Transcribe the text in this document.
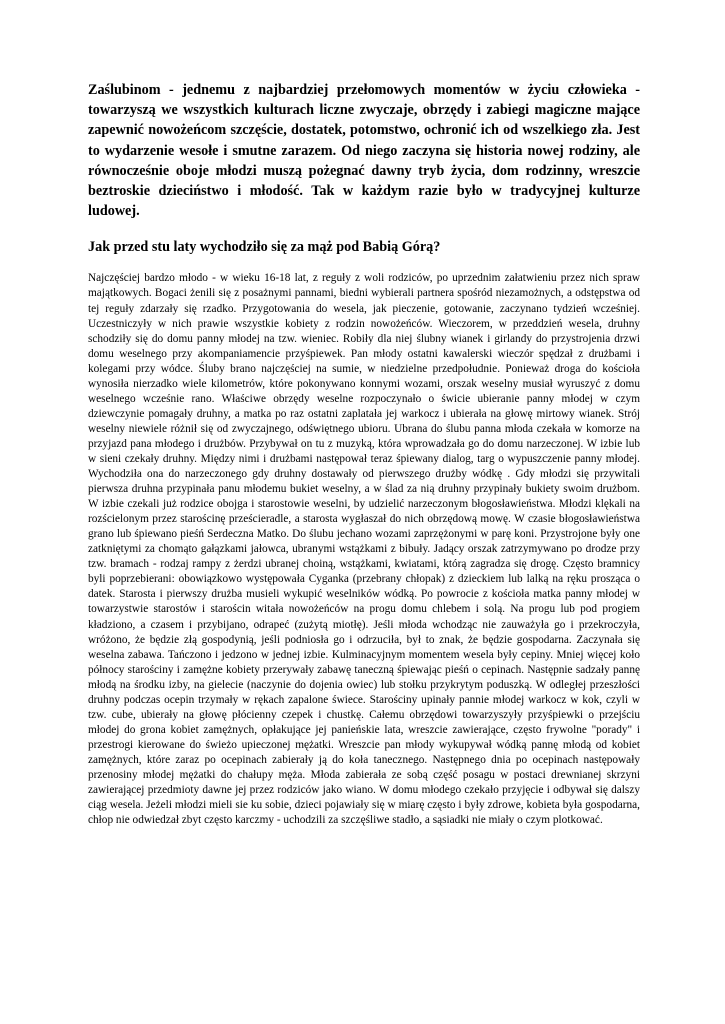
Zaślubinom - jednemu z najbardziej przełomowych momentów w życiu człowieka - towarzyszą we wszystkich kulturach liczne zwyczaje, obrzędy i zabiegi magiczne mające zapewnić nowożeńcom szczęście, dostatek, potomstwo, ochronić ich od wszelkiego zła. Jest to wydarzenie wesołe i smutne zarazem. Od niego zaczyna się historia nowej rodziny, ale równocześnie oboje młodzi muszą pożegnać dawny tryb życia, dom rodzinny, wreszcie beztroskie dzieciństwo i młodość. Tak w każdym razie było w tradycyjnej kulturze ludowej.

Jak przed stu laty wychodziło się za mąż pod Babią Górą?

Najczęściej bardzo młodo - w wieku 16-18 lat, z reguły z woli rodziców, po uprzednim załatwieniu przez nich spraw majątkowych. Bogaci żenili się z posażnymi pannami, biedni wybierali partnera spośród niezamożnych, a odstępstwa od tej reguły zdarzały się rzadko. Przygotowania do wesela, jak pieczenie, gotowanie, zaczynano tydzień wcześniej. Uczestniczyły w nich prawie wszystkie kobiety z rodzin nowożeńców. Wieczorem, w przeddzień wesela, druhny schodziły się do domu panny młodej na tzw. wieniec. Robiły dla niej ślubny wianek i girlandy do przystrojenia drzwi domu weselnego przy akompaniamencie przyśpiewek. Pan młody ostatni kawalerski wieczór spędzał z drużbami i kolegami przy wódce. Śluby brano najczęściej na sumie, w niedzielne przedpołudnie. Ponieważ droga do kościoła wynosiła nierzadko wiele kilometrów, które pokonywano konnymi wozami, orszak weselny musiał wyruszyć z domu weselnego wcześnie rano. Właściwe obrzędy weselne rozpoczynało o świcie ubieranie panny młodej w czym dziewczynie pomagały druhny, a matka po raz ostatni zaplatała jej warkocz i ubierała na głowę mirtowy wianek. Strój weselny niewiele różnił się od zwyczajnego, odświętnego ubioru. Ubrana do ślubu panna młoda czekała w komorze na przyjazd pana młodego i drużbów. Przybywał on tu z muzyką, która wprowadzała go do domu narzeczonej. W izbie lub w sieni czekały druhny. Między nimi i drużbami następował teraz śpiewany dialog, targ o wypuszczenie panny młodej. Wychodziła ona do narzeczonego gdy druhny dostawały od pierwszego drużby wódkę . Gdy młodzi się przywitali pierwsza druhna przypinała panu młodemu bukiet weselny, a w ślad za nią druhny przypinały bukiety swoim drużbom. W izbie czekali już rodzice obojga i starostowie weselni, by udzielić narzeczonym błogosławieństwa. Młodzi klękali na rozścielonym przez starościnę prześcieradle, a starosta wygłaszał do nich obrzędową mowę. W czasie błogosławieństwa grano lub śpiewano pieśń Serdeczna Matko. Do ślubu jechano wozami zaprzężonymi w parę koni. Przystrojone były one zatkniętymi za chomąto gałązkami jałowca, ubranymi wstążkami z bibuły. Jadący orszak zatrzymywano po drodze przy tzw. bramach - rodzaj rampy z żerdzi ubranej choiną, wstążkami, kwiatami, którą zagradza się drogę. Często bramnicy byli poprzebierani: obowiązkowo występowała Cyganka (przebrany chłopak) z dzieckiem lub lalką na ręku prosząca o datek. Starosta i pierwszy drużba musieli wykupić weselników wódką. Po powrocie z kościoła matka panny młodej w towarzystwie starostów i starościn witała nowożeńców na progu domu chlebem i solą. Na progu lub pod progiem kładziono, a czasem i przybijano, odrapeć (zużytą miotłę). Jeśli młoda wchodząc nie zauważyła go i przekroczyła, wróżono, że będzie złą gospodynią, jeśli podniosła go i odrzuciła, był to znak, że będzie gospodarna. Zaczynała się weselna zabawa. Tańczono i jedzono w jednej izbie. Kulminacyjnym momentem wesela były cepiny. Mniej więcej koło północy starościny i zamężne kobiety przerywały zabawę taneczną śpiewając pieśń o cepinach. Następnie sadzały pannę młodą na środku izby, na gielecie (naczynie do dojenia owiec) lub stołku przykrytym poduszką. W odległej przeszłości druhny podczas ocepin trzymały w rękach zapalone świece. Starościny upinały pannie młodej warkocz w kok, czyli w tzw. cube, ubierały na głowę płócienny czepek i chustkę. Całemu obrzędowi towarzyszyły przyśpiewki o przejściu młodej do grona kobiet zamężnych, opłakujące jej panieńskie lata, wreszcie zawierające, często frywolne "porady" i przestrogi kierowane do świeżo upieczonej mężatki. Wreszcie pan młody wykupywał wódką pannę młodą od kobiet zamężnych, które zaraz po ocepinach zabierały ją do koła tanecznego. Następnego dnia po ocepinach następowały przenosiny młodej mężatki do chałupy męża. Młoda zabierała ze sobą część posagu w postaci drewnianej skrzyni zawierającej przedmioty dawne jej przez rodziców jako wiano. W domu młodego czekało przyjęcie i odbywał się dalszy ciąg wesela. Jeżeli młodzi mieli sie ku sobie, dzieci pojawiały się w miarę często i były zdrowe, kobieta była gospodarna, chłop nie odwiedzał zbyt często karczmy - uchodzili za szczęśliwe stadło, a sąsiadki nie miały o czym plotkować.
